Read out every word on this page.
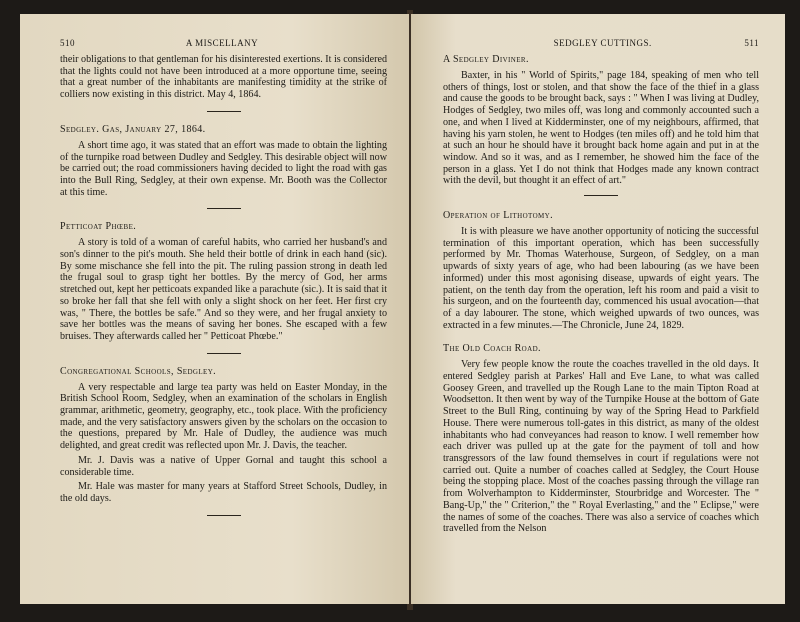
510	A MISCELLANY

their obligations to that gentleman for his disinterested exertions. It is considered that the lights could not have been introduced at a more opportune time, seeing that a great number of the inhabitants are manifesting timidity at the strike of colliers now existing in this district. May 4, 1864.

Sedgley. Gas, January 27, 1864.

A short time ago, it was stated that an effort was made to obtain the lighting of the turnpike road between Dudley and Sedgley. This desirable object will now be carried out; the road commissioners having decided to light the road with gas into the Bull Ring, Sedgley, at their own expense. Mr. Booth was the Collector at this time.

Petticoat Phœbe.

A story is told of a woman of careful habits, who carried her husband's and son's dinner to the pit's mouth. She held their bottle of drink in each hand (sic). By some mischance she fell into the pit. The ruling passion strong in death led the frugal soul to grasp tight her bottles. By the mercy of God, her arms stretched out, kept her petticoats expanded like a parachute (sic.). It is said that it so broke her fall that she fell with only a slight shock on her feet. Her first cry was, " There, the bottles be safe." And so they were, and her frugal anxiety to save her bottles was the means of saving her bones. She escaped with a few bruises. They afterwards called her " Petticoat Phœbe."

Congregational Schools, Sedgley.

A very respectable and large tea party was held on Easter Monday, in the British School Room, Sedgley, when an examination of the scholars in English grammar, arithmetic, geometry, geography, etc., took place. With the proficiency made, and the very satisfactory answers given by the scholars on the occasion to the questions, prepared by Mr. Hale of Dudley, the audience was much delighted, and great credit was reflected upon Mr. J. Davis, the teacher.

Mr. J. Davis was a native of Upper Gornal and taught this school a considerable time.

Mr. Hale was master for many years at Stafford Street Schools, Dudley, in the old days.

SEDGLEY CUTTINGS.	511
A Sedgley Diviner.

Baxter, in his " World of Spirits," page 184, speaking of men who tell others of things, lost or stolen, and that show the face of the thief in a glass and cause the goods to be brought back, says : " When I was living at Dudley, Hodges of Sedgley, two miles off, was long and commonly accounted such a one, and when I lived at Kidderminster, one of my neighbours, affirmed, that having his yarn stolen, he went to Hodges (ten miles off) and he told him that at such an hour he should have it brought back home again and put in at the window. And so it was, and as I remember, he showed him the face of the person in a glass. Yet I do not think that Hodges made any known contract with the devil, but thought it an effect of art."

Operation of Lithotomy.

It is with pleasure we have another opportunity of noticing the successful termination of this important operation, which has been successfully performed by Mr. Thomas Waterhouse, Surgeon, of Sedgley, on a man upwards of sixty years of age, who had been labouring (as we have been informed) under this most agonising disease, upwards of eight years. The patient, on the tenth day from the operation, left his room and paid a visit to his surgeon, and on the fourteenth day, commenced his usual avocation—that of a day labourer. The stone, which weighed upwards of two ounces, was extracted in a few minutes.—The Chronicle, June 24, 1829.

The Old Coach Road.

Very few people know the route the coaches travelled in the old days. It entered Sedgley parish at Parkes' Hall and Eve Lane, to what was called Goosey Green, and travelled up the Rough Lane to the main Tipton Road at Woodsetton. It then went by way of the Turnpike House at the bottom of Gate Street to the Bull Ring, continuing by way of the Spring Head to Parkfield House. There were numerous toll-gates in this district, as many of the oldest inhabitants who had conveyances had reason to know. I well remember how each driver was pulled up at the gate for the payment of toll and how transgressors of the law found themselves in court if regulations were not carried out. Quite a number of coaches called at Sedgley, the Court House being the stopping place. Most of the coaches passing through the village ran from Wolverhampton to Kidderminster, Stourbridge and Worcester. The " Bang-Up," the " Criterion," the " Royal Everlasting," and the " Eclipse," were the names of some of the coaches. There was also a service of coaches which travelled from the Nelson
